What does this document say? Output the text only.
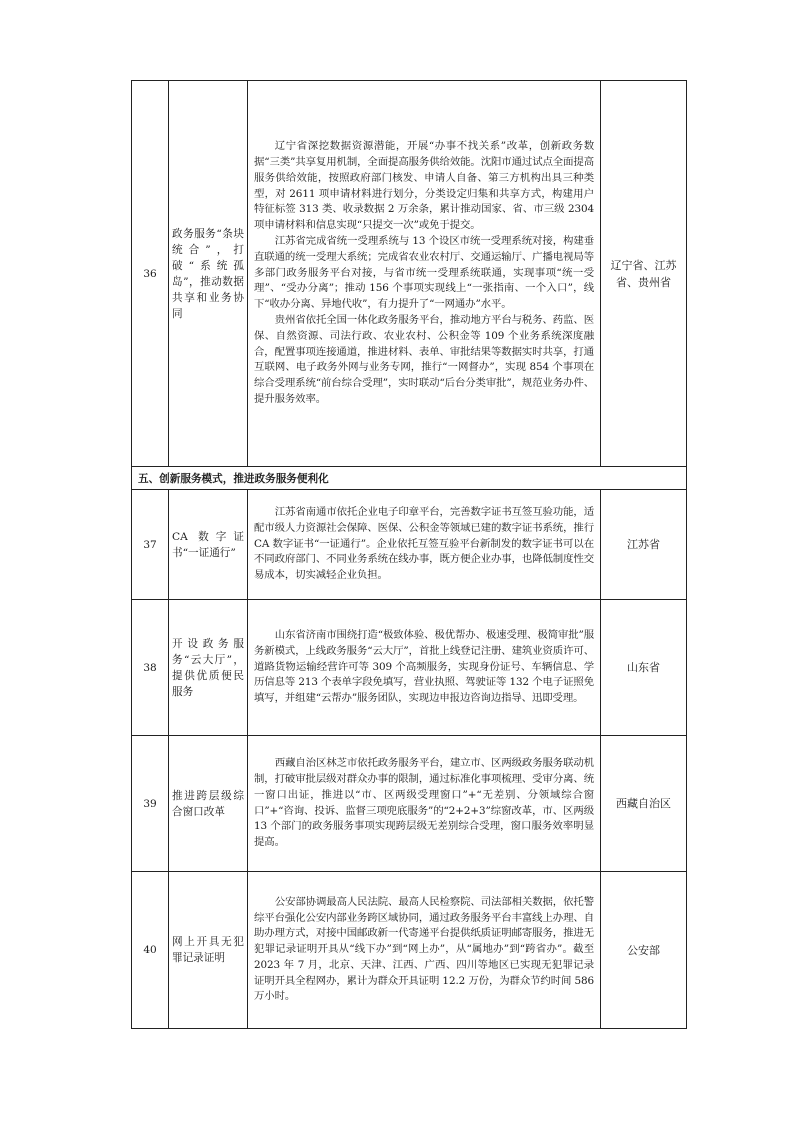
36	政务服务“条块统合”，打破“系统孤岛”，推动数据共享和业务协同	辽宁省深挖数据资源潜能，开展“办事不找关系”改革，创新政务数据“三类”共享复用机制，全面提高服务供给效能。沈阳市通过试点全面提高服务供给效能，按照政府部门核发、申请人自备、第三方机构出具三种类型，对 2611 项申请材料进行划分，分类设定归集和共享方式，构建用户特征标签 313 类、收录数据 2 万余条，累计推动国家、省、市三级 2304 项申请材料和信息实现“只提交一次”或免于提交。

江苏省完成省统一受理系统与 13 个设区市统一受理系统对接，构建垂直联通的统一受理大系统；完成省农业农村厅、交通运输厅、广播电视局等多部门政务服务平台对接，与省市统一受理系统联通，实现事项“统一受理”、“受办分离”；推动 156 个事项实现线上“一张指南、一个入口”，线下“收办分离、异地代收”，有力提升了“一网通办”水平。

贵州省依托全国一体化政务服务平台，推动地方平台与税务、药监、医保、自然资源、司法行政、农业农村、公积金等 109 个业务系统深度融合，配置事项连接通道，推进材料、表单、审批结果等数据实时共享，打通互联网、电子政务外网与业务专网，推行“一网督办”，实现 854 个事项在综合受理系统“前台综合受理”，实时联动“后台分类审批”，规范业务办件、提升服务效率。	辽宁省、江苏省、贵州省
五、创新服务模式，推进政务服务便利化			
37	CA 数字证书“一证通行”	江苏省南通市依托企业电子印章平台，完善数字证书互签互验功能，适配市级人力资源社会保障、医保、公积金等领域已建的数字证书系统，推行 CA 数字证书“一证通行”。企业依托互签互验平台新制发的数字证书可以在不同政府部门、不同业务系统在线办事，既方便企业办事，也降低制度性交易成本，切实减轻企业负担。	江苏省
38	开设政务服务“云大厅”，提供优质便民服务	山东省济南市围绕打造“极致体验、极优帮办、极速受理、极简审批”服务新模式，上线政务服务“云大厅”，首批上线登记注册、建筑业资质许可、道路货物运输经营许可等 309 个高频服务，实现身份证号、车辆信息、学历信息等 213 个表单字段免填写，营业执照、驾驶证等 132 个电子证照免填写，并组建“云帮办”服务团队，实现边申报边咨询边指导、迅即受理。	山东省
39	推进跨层级综合窗口改革	西藏自治区林芝市依托政务服务平台，建立市、区两级政务服务联动机制，打破审批层级对群众办事的限制，通过标准化事项梳理、受审分离、统一窗口出证，推进以“市、区两级受理窗口”+“无差别、分领域综合窗口”+“咨询、投诉、监督三项兜底服务”的“2+2+3”综窗改革，市、区两级 13 个部门的政务服务事项实现跨层级无差别综合受理，窗口服务效率明显提高。	西藏自治区
40	网上开具无犯罪记录证明	公安部协调最高人民法院、最高人民检察院、司法部相关数据，依托警综平台强化公安内部业务跨区域协同，通过政务服务平台丰富线上办理、自助办理方式，对接中国邮政新一代寄递平台提供纸质证明邮寄服务，推进无犯罪记录证明开具从“线下办”到“网上办”，从“属地办”到“跨省办”。截至 2023 年 7 月，北京、天津、江西、广西、四川等地区已实现无犯罪记录证明开具全程网办，累计为群众开具证明 12.2 万份，为群众节约时间 586 万小时。	公安部
